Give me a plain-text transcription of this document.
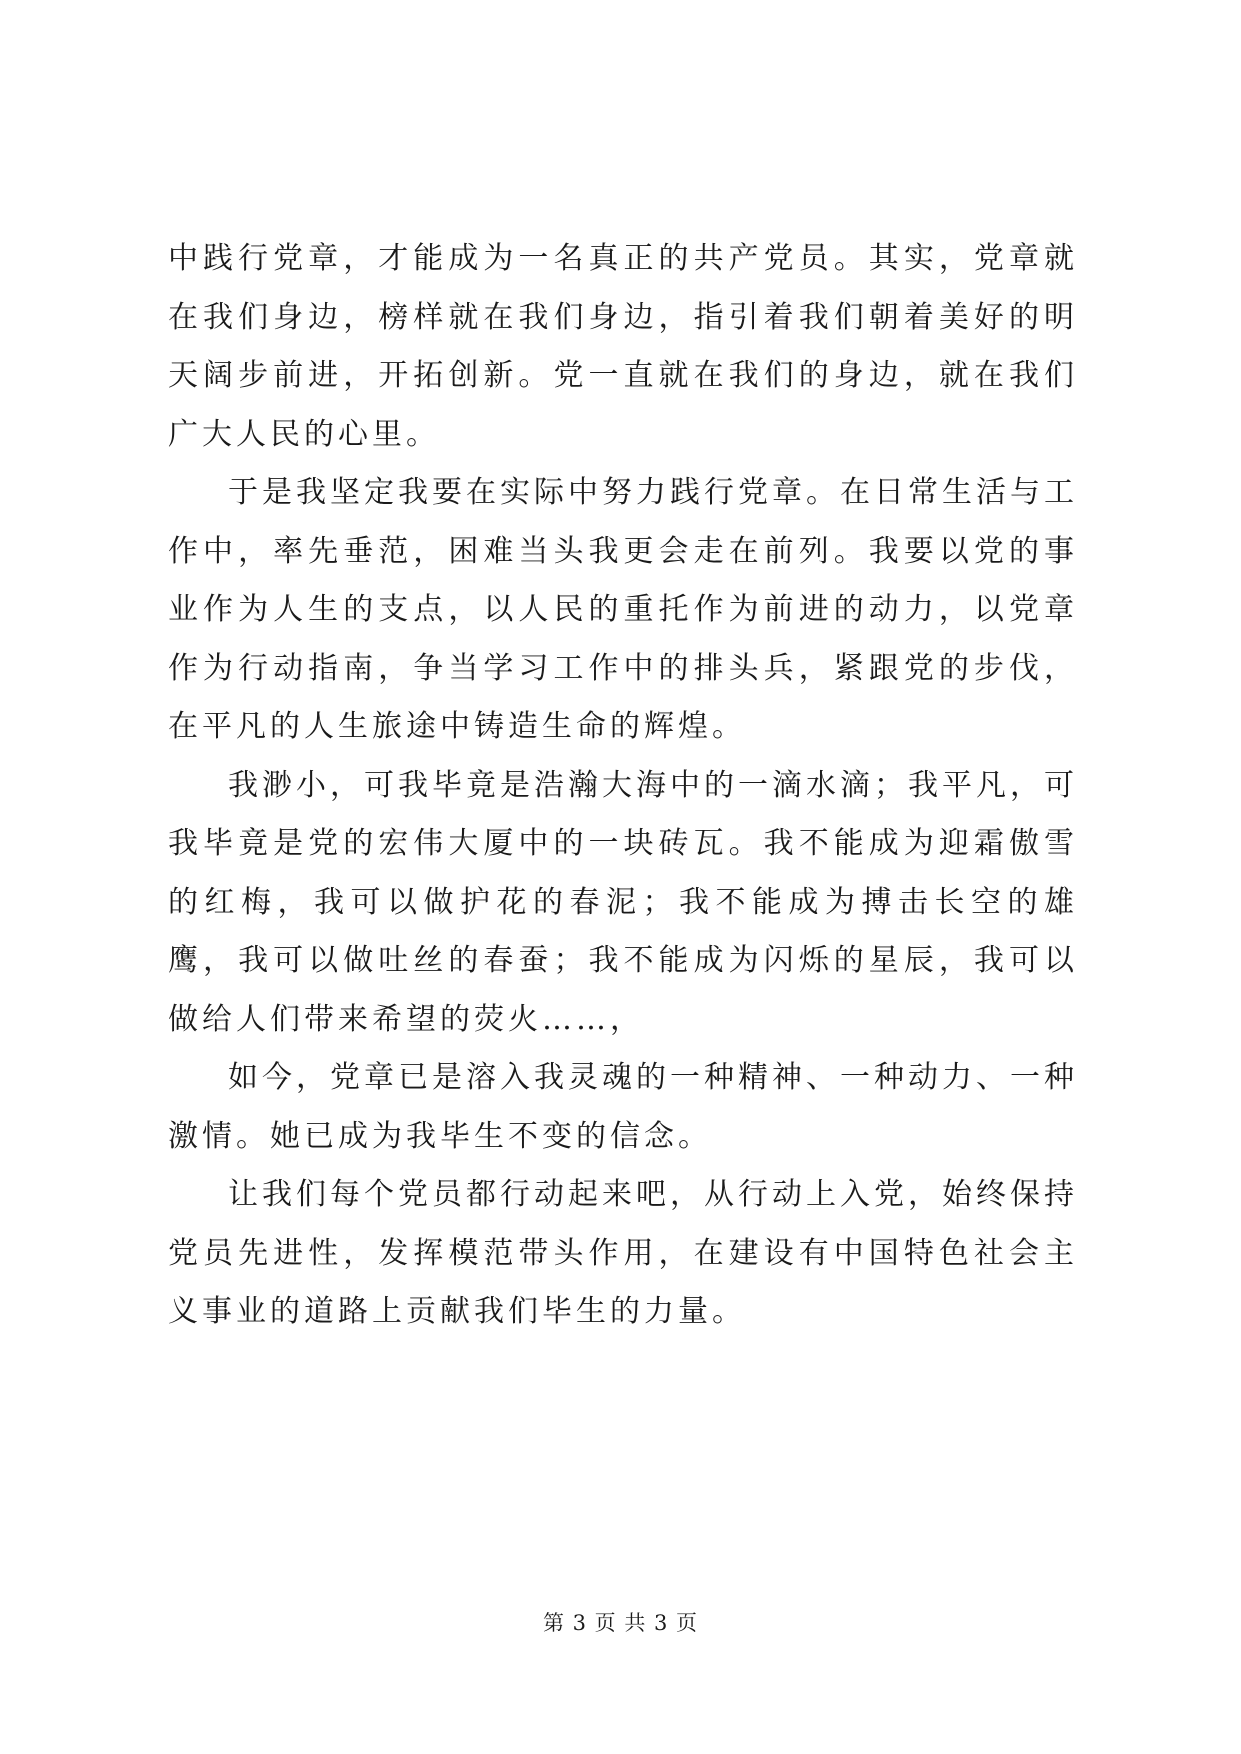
中践行党章，才能成为一名真正的共产党员。其实，党章就在我们身边，榜样就在我们身边，指引着我们朝着美好的明天阔步前进，开拓创新。党一直就在我们的身边，就在我们广大人民的心里。

于是我坚定我要在实际中努力践行党章。在日常生活与工作中，率先垂范，困难当头我更会走在前列。我要以党的事业作为人生的支点，以人民的重托作为前进的动力，以党章作为行动指南，争当学习工作中的排头兵，紧跟党的步伐，在平凡的人生旅途中铸造生命的辉煌。

我渺小，可我毕竟是浩瀚大海中的一滴水滴；我平凡，可我毕竟是党的宏伟大厦中的一块砖瓦。我不能成为迎霜傲雪的红梅，我可以做护花的春泥；我不能成为搏击长空的雄鹰，我可以做吐丝的春蚕；我不能成为闪烁的星辰，我可以做给人们带来希望的荧火……，

如今，党章已是溶入我灵魂的一种精神、一种动力、一种激情。她已成为我毕生不变的信念。

让我们每个党员都行动起来吧，从行动上入党，始终保持党员先进性，发挥模范带头作用，在建设有中国特色社会主义事业的道路上贡献我们毕生的力量。

第 3 页 共 3 页
